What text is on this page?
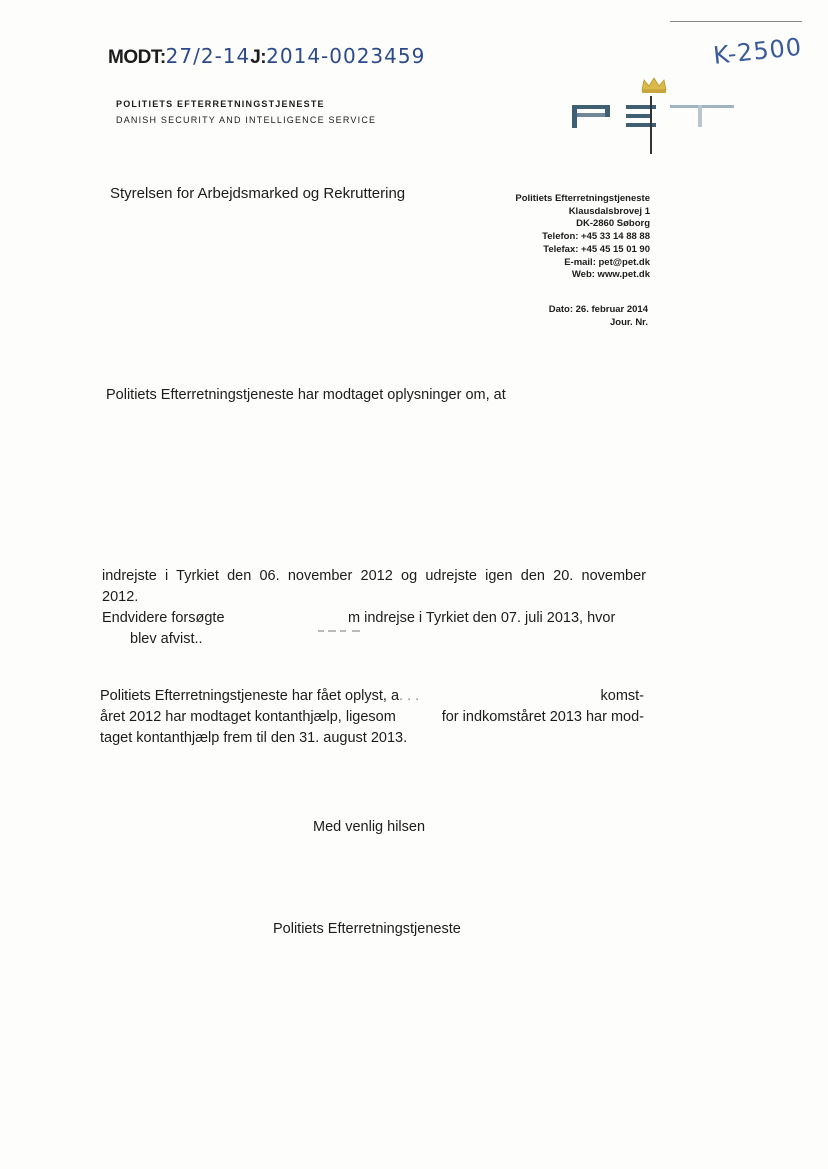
MODT:27/2-14J:2014-0023459	K-2500
POLITIETS EFTERRETNINGSTJENESTE
DANISH SECURITY AND INTELLIGENCE SERVICE
PET
Styrelsen for Arbejdsmarked og Rekruttering	Politiets Efterretningstjeneste
Klausdalsbrovej 1
DK-2860 Søborg
Telefon: +45 33 14 88 88
Telefax: +45 45 15 01 90
E-mail: pet@pet.dk
Web: www.pet.dk
Dato: 26. februar 2014
Jour. Nr.
Politiets Efterretningstjeneste har modtaget oplysninger om, at
indrejste i Tyrkiet den 06. november 2012 og udrejste igen den 20. november
2012.
Endvidere forsøgte	m indrejse i Tyrkiet den 07. juli 2013, hvor
blev afvist..
Politiets Efterretningstjeneste har fået oplyst, a. . .	komst-
året 2012 har modtaget kontanthjælp, ligesom	for indkomståret 2013 har mod-
taget kontanthjælp frem til den 31. august 2013.
Med venlig hilsen
Politiets Efterretningstjeneste
